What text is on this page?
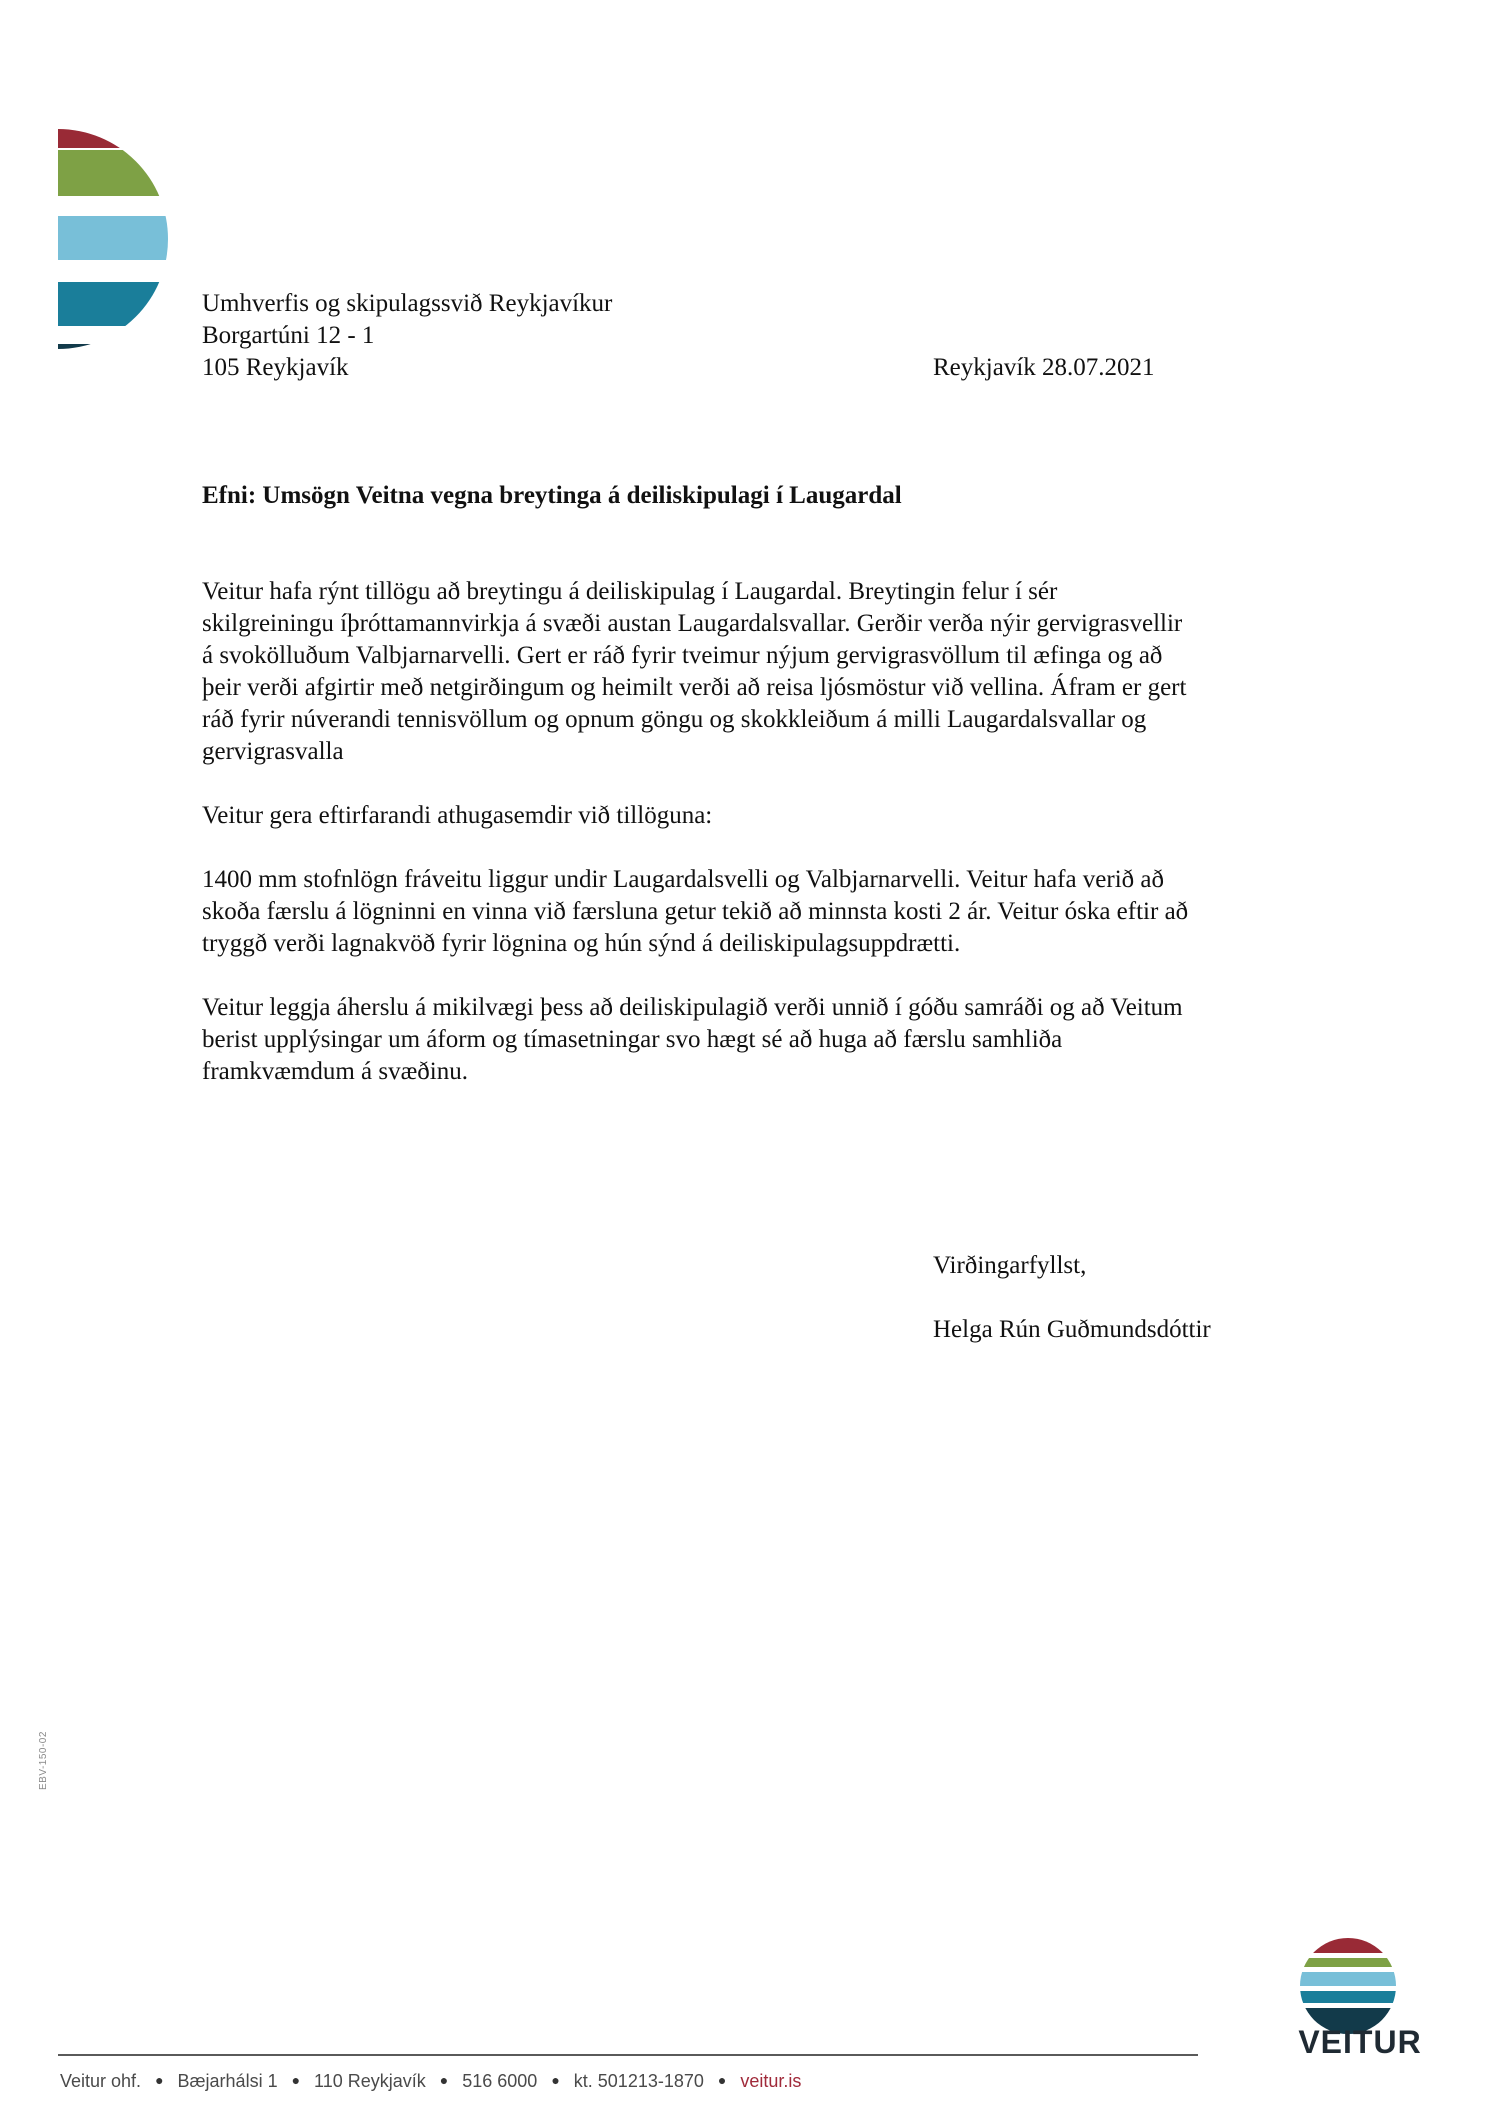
Umhverfis og skipulagssvið Reykjavíkur
Borgartúni 12 - 1
105 Reykjavík	Reykjavík 28.07.2021
Efni: Umsögn Veitna vegna breytinga á deiliskipulagi í Laugardal
Veitur hafa rýnt tillögu að breytingu á deiliskipulag í Laugardal. Breytingin felur í sér
skilgreiningu íþróttamannvirkja á svæði austan Laugardalsvallar. Gerðir verða nýir gervigrasvellir
á svokölluðum Valbjarnarvelli. Gert er ráð fyrir tveimur nýjum gervigrasvöllum til æfinga og að
þeir verði afgirtir með netgirðingum og heimilt verði að reisa ljósmöstur við vellina. Áfram er gert
ráð fyrir núverandi tennisvöllum og opnum göngu og skokkleiðum á milli Laugardalsvallar og
gervigrasvalla
Veitur gera eftirfarandi athugasemdir við tillöguna:
1400 mm stofnlögn fráveitu liggur undir Laugardalsvelli og Valbjarnarvelli. Veitur hafa verið að
skoða færslu á lögninni en vinna við færsluna getur tekið að minnsta kosti 2 ár. Veitur óska eftir að
tryggð verði lagnakvöð fyrir lögnina og hún sýnd á deiliskipulagsuppdrætti.
Veitur leggja áherslu á mikilvægi þess að deiliskipulagið verði unnið í góðu samráði og að Veitum
berist upplýsingar um áform og tímasetningar svo hægt sé að huga að færslu samhliða
framkvæmdum á svæðinu.
Virðingarfyllst,
Helga Rún Guðmundsdóttir
EBV-150-02
VEITUR
Veitur ohf. ● Bæjarhálsi 1 ● 110 Reykjavík ● 516 6000 ● kt. 501213-1870 ● veitur.is
